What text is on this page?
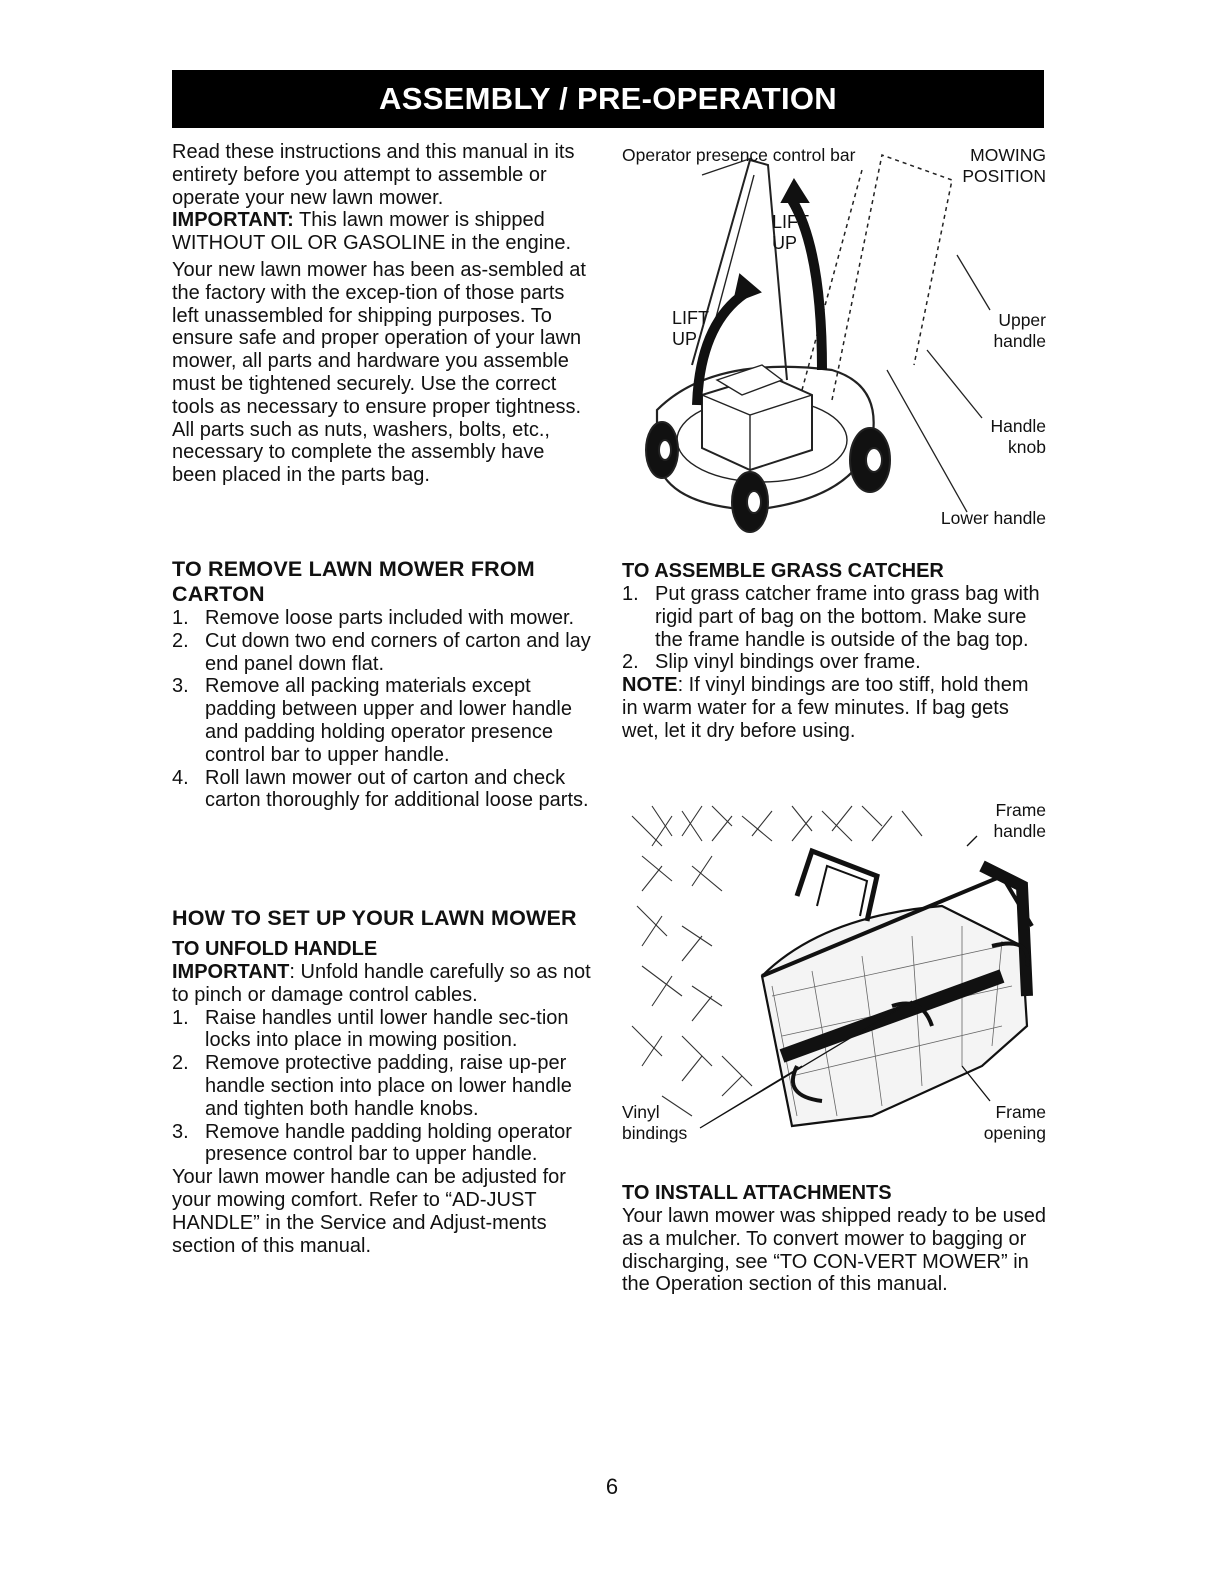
ASSEMBLY / PRE-OPERATION

Read these instructions and this manual in its entirety before you attempt to assemble or operate your new lawn mower.

IMPORTANT: This lawn mower is shipped WITHOUT OIL OR GASOLINE in the engine.

Your new lawn mower has been as-sembled at the factory with the excep-tion of those parts left unassembled for shipping purposes. To ensure safe and proper operation of your lawn mower, all parts and hardware you assemble must be tightened securely. Use the correct tools as necessary to ensure proper tightness. All parts such as nuts, washers, bolts, etc., necessary to complete the assembly have been placed in the parts bag.

TO REMOVE LAWN MOWER FROM CARTON
1. Remove loose parts included with mower.
2. Cut down two end corners of carton and lay end panel down flat.
3. Remove all packing materials except padding between upper and lower handle and padding holding operator presence control bar to upper handle.
4. Roll lawn mower out of carton and check carton thoroughly for additional loose parts.
HOW TO SET UP YOUR LAWN MOWER
TO UNFOLD HANDLE

IMPORTANT: Unfold handle carefully so as not to pinch or damage control cables.

1. Raise handles until lower handle sec-tion locks into place in mowing position.
2. Remove protective padding, raise up-per handle section into place on lower handle and tighten both handle knobs.
3. Remove handle padding holding operator presence control bar to upper handle.

Your lawn mower handle can be adjusted for your mowing comfort. Refer to “AD-JUST HANDLE” in the Service and Adjust-ments section of this manual.

Operator presence control bar	MOWING POSITION
LIFT UP
LIFT UP
Upper handle
Handle knob
Lower handle
TO ASSEMBLE GRASS CATCHER
1. Put grass catcher frame into grass bag with rigid part of bag on the bottom. Make sure the frame handle is outside of the bag top.
2. Slip vinyl bindings over frame.

NOTE: If vinyl bindings are too stiff, hold them in warm water for a few minutes. If bag gets wet, let it dry before using.

Frame handle
Vinyl bindings
Frame opening
TO INSTALL ATTACHMENTS

Your lawn mower was shipped ready to be used as a mulcher. To convert mower to bagging or discharging, see “TO CON-VERT MOWER” in the Operation section of this manual.

6
